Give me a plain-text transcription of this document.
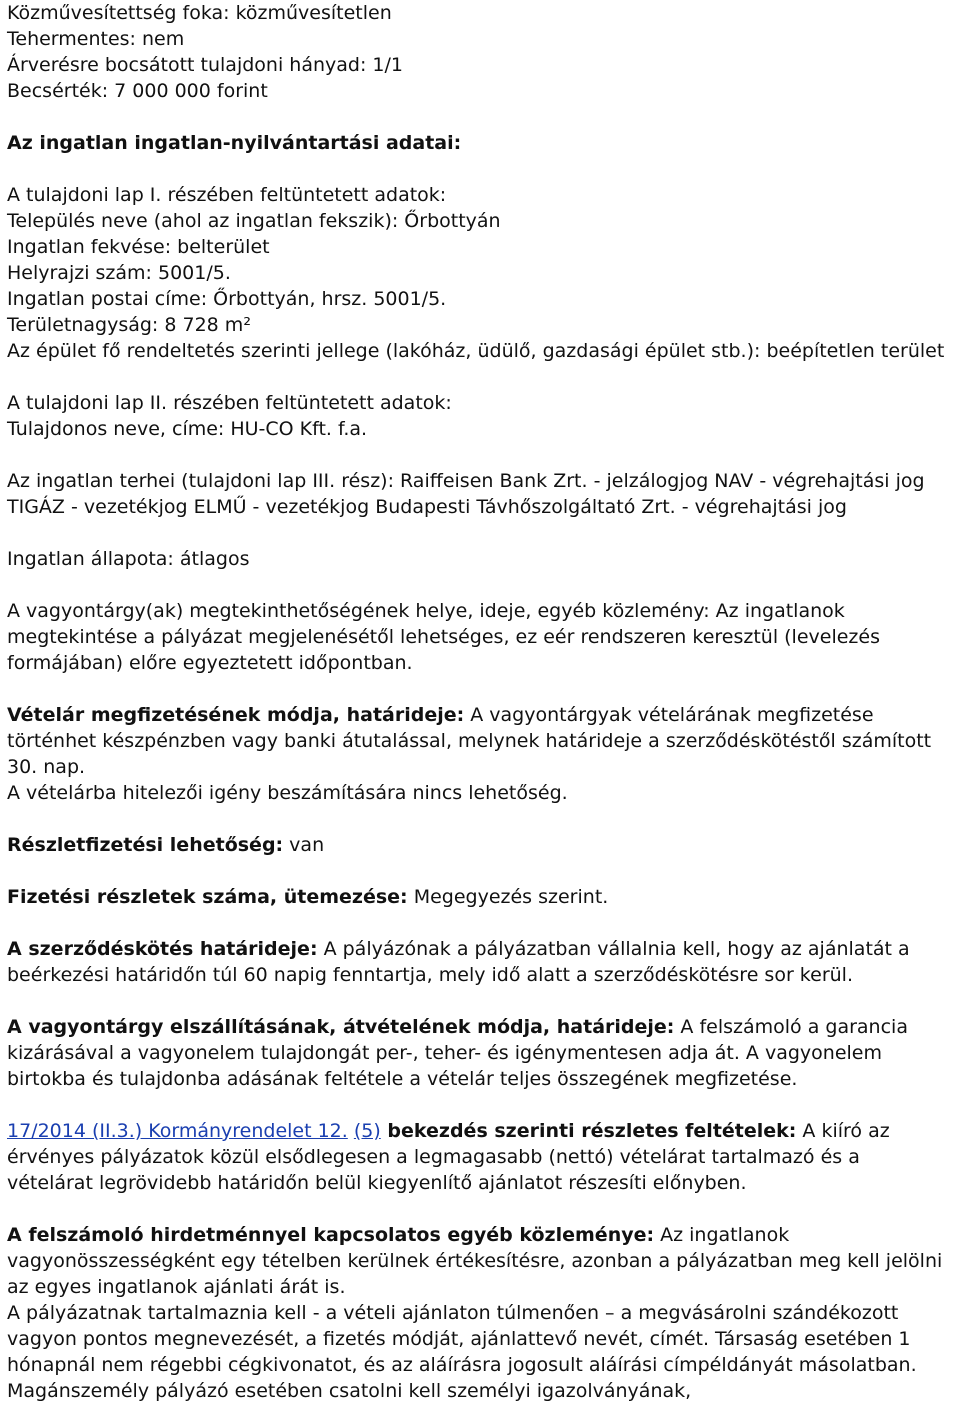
Közművesítettség foka: közművesítetlen

Tehermentes: nem

Árverésre bocsátott tulajdoni hányad: 1/1

Becsérték: 7 000 000 forint

Az ingatlan ingatlan-nyilvántartási adatai:

A tulajdoni lap I. részében feltüntetett adatok:

Település neve (ahol az ingatlan fekszik): Őrbottyán

Ingatlan fekvése: belterület

Helyrajzi szám: 5001/5.

Ingatlan postai címe: Őrbottyán, hrsz. 5001/5.

Területnagyság: 8 728 m²

Az épület fő rendeltetés szerinti jellege (lakóház, üdülő, gazdasági épület stb.): beépítetlen terület

A tulajdoni lap II. részében feltüntetett adatok:

Tulajdonos neve, címe: HU-CO Kft. f.a.

Az ingatlan terhei (tulajdoni lap III. rész): Raiffeisen Bank Zrt. - jelzálogjog NAV - végrehajtási jog TIGÁZ - vezetékjog ELMŰ - vezetékjog Budapesti Távhőszolgáltató Zrt. - végrehajtási jog

Ingatlan állapota: átlagos

A vagyontárgy(ak) megtekinthetőségének helye, ideje, egyéb közlemény: Az ingatlanok megtekintése a pályázat megjelenésétől lehetséges, ez eér rendszeren keresztül (levelezés formájában) előre egyeztetett időpontban.

Vételár megfizetésének módja, határideje: A vagyontárgyak vételárának megfizetése történhet készpénzben vagy banki átutalással, melynek határideje a szerződéskötéstől számított 30. nap.

A vételárba hitelezői igény beszámítására nincs lehetőség.

Részletfizetési lehetőség: van

Fizetési részletek száma, ütemezése: Megegyezés szerint.

A szerződéskötés határideje: A pályázónak a pályázatban vállalnia kell, hogy az ajánlatát a beérkezési határidőn túl 60 napig fenntartja, mely idő alatt a szerződéskötésre sor kerül.

A vagyontárgy elszállításának, átvételének módja, határideje: A felszámoló a garancia kizárásával a vagyonelem tulajdongát per-, teher- és igénymentesen adja át. A vagyonelem birtokba és tulajdonba adásának feltétele a vételár teljes összegének megfizetése.

17/2014 (II.3.) Kormányrendelet 12. (5) bekezdés szerinti részletes feltételek: A kiíró az érvényes pályázatok közül elsődlegesen a legmagasabb (nettó) vételárat tartalmazó és a vételárat legrövidebb határidőn belül kiegyenlítő ajánlatot részesíti előnyben.

A felszámoló hirdetménnyel kapcsolatos egyéb közleménye: Az ingatlanok vagyonösszességként egy tételben kerülnek értékesítésre, azonban a pályázatban meg kell jelölni az egyes ingatlanok ajánlati árát is.

A pályázatnak tartalmaznia kell - a vételi ajánlaton túlmenően – a megvásárolni szándékozott vagyon pontos megnevezését, a fizetés módját, ajánlattevő nevét, címét. Társaság esetében 1 hónapnál nem régebbi cégkivonatot, és az aláírásra jogosult aláírási címpéldányát másolatban. Magánszemély pályázó esetében csatolni kell személyi igazolványának,
